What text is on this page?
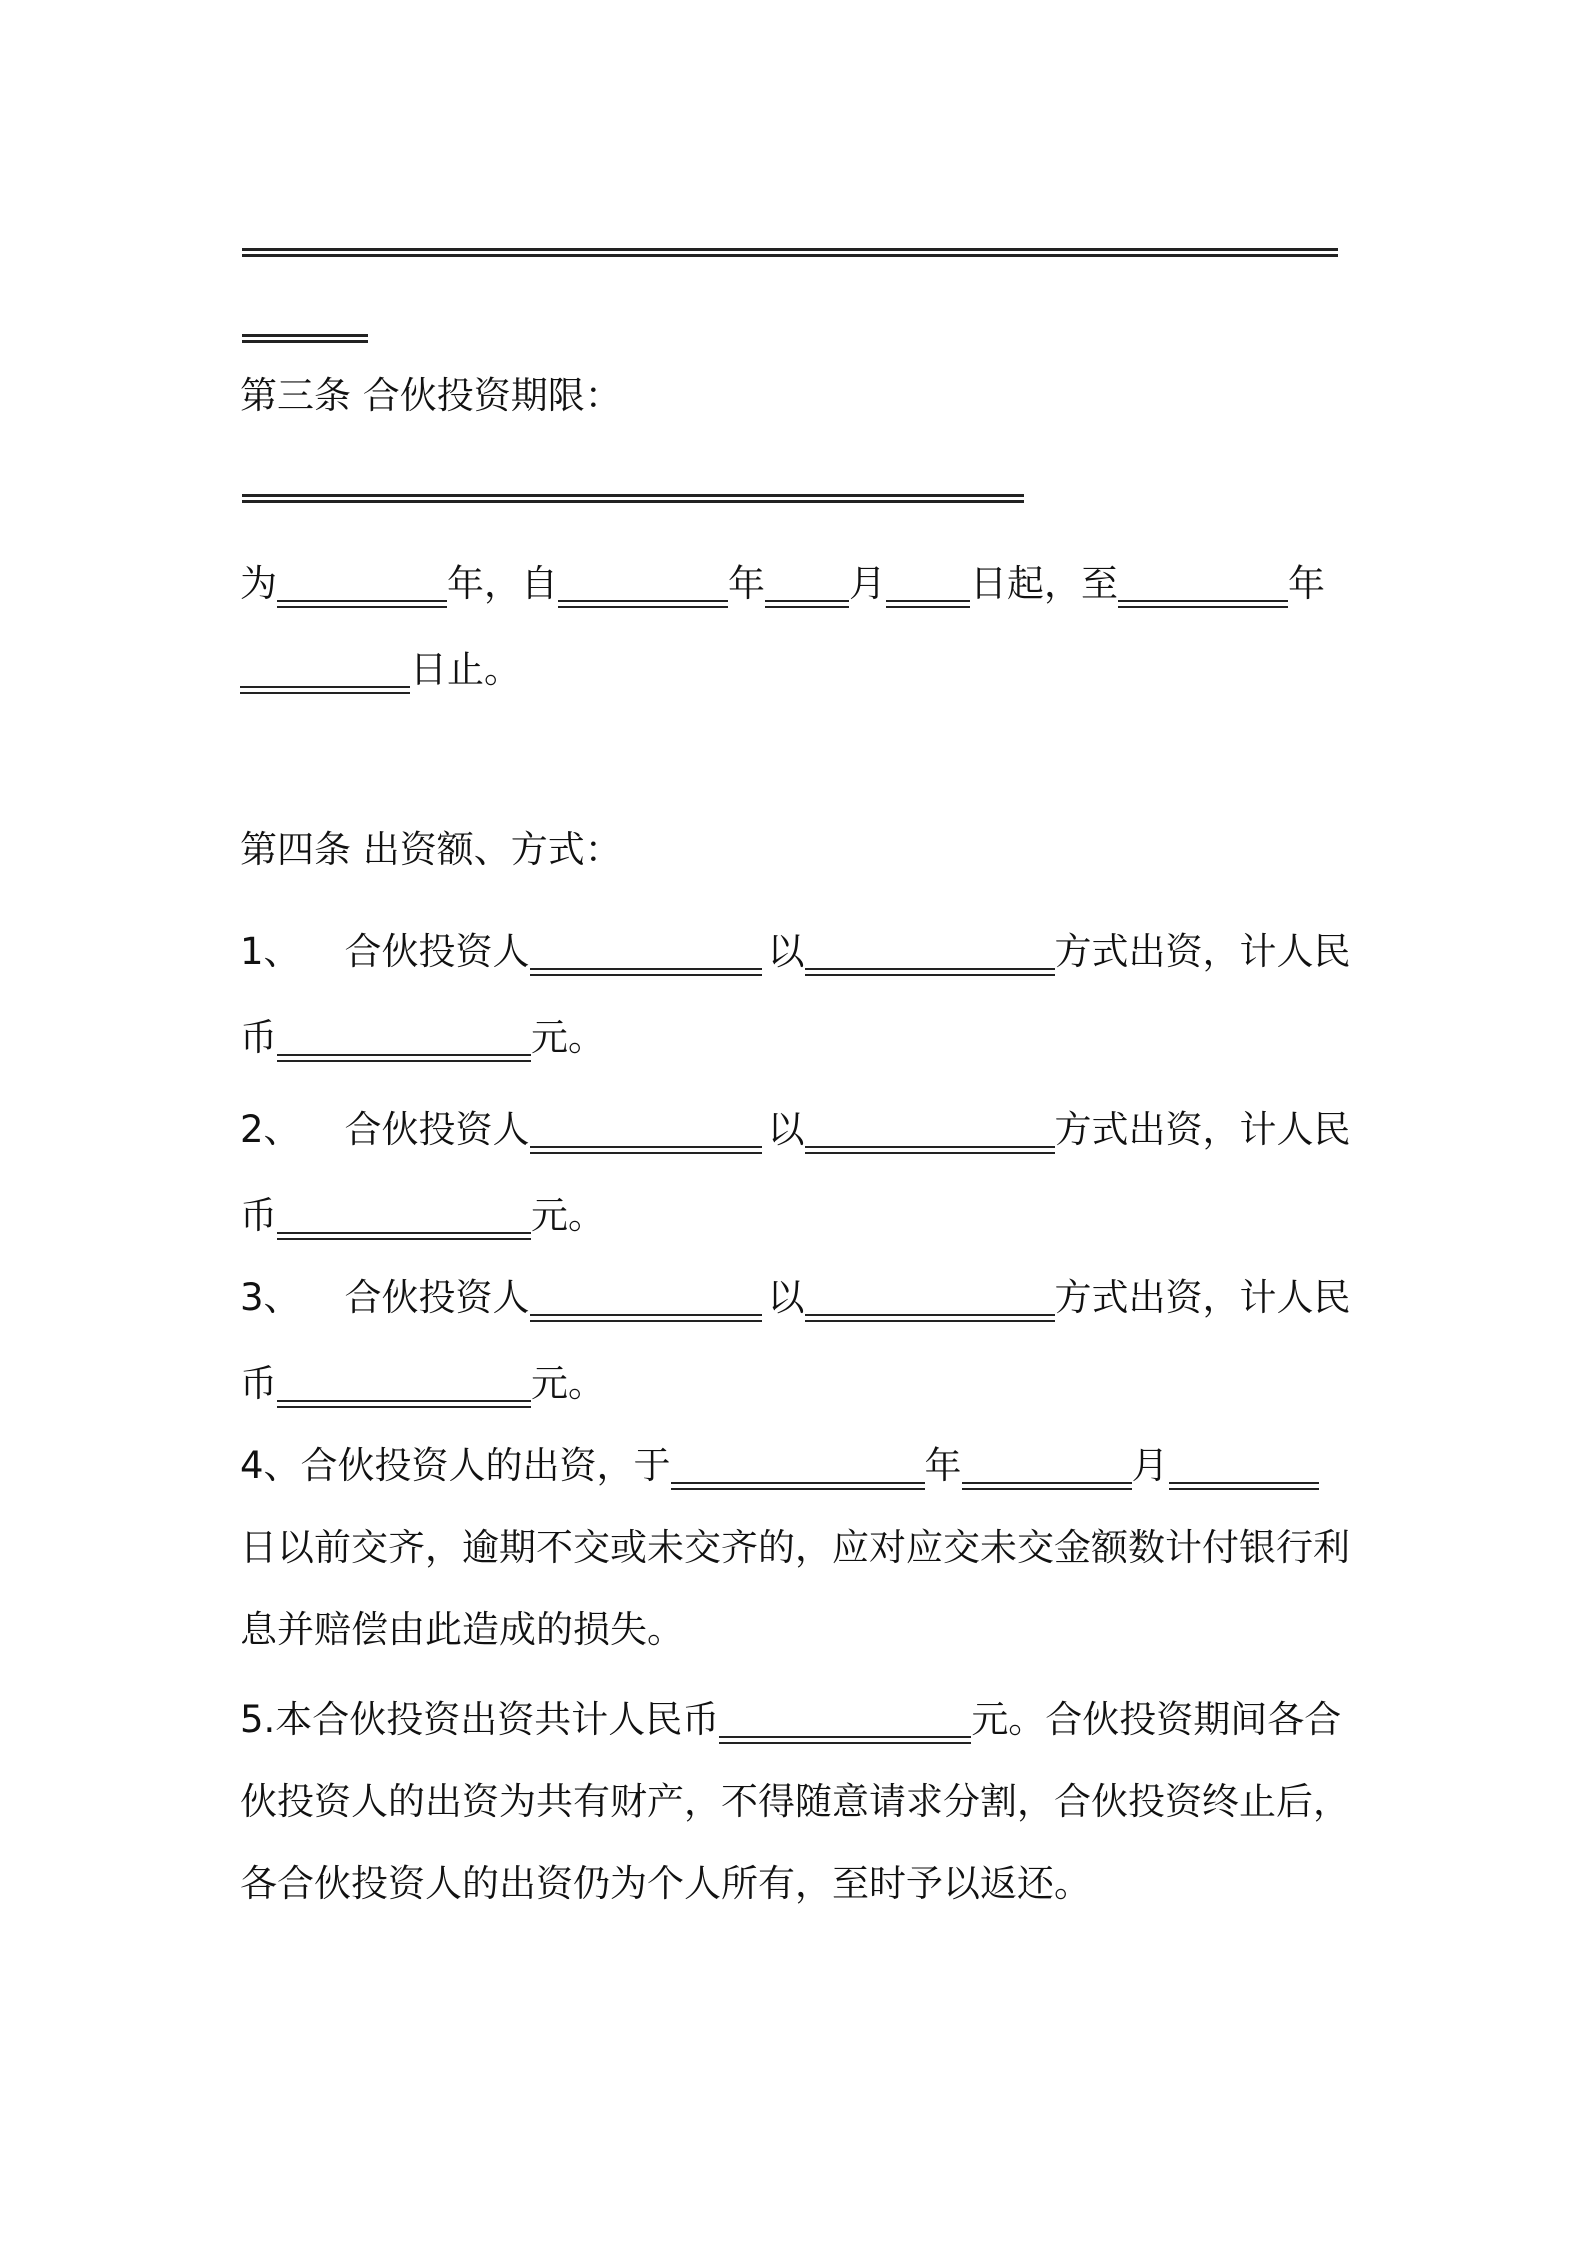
第三条 合伙投资期限：
为	年，自	年 月 日起，至	年
日止。
第四条 出资额、方式：
1、 合伙投资人	以	方式出资，计人民
币	元。
2、 合伙投资人	以	方式出资，计人民
币	元。
3、 合伙投资人	以	方式出资，计人民
币	元。
4、合伙投资人的出资，于	年	月
日以前交齐，逾期不交或未交齐的，应对应交未交金额数计付银行利
息并赔偿由此造成的损失。
5.本合伙投资出资共计人民币	元。合伙投资期间各合
伙投资人的出资为共有财产，不得随意请求分割，合伙投资终止后，
各合伙投资人的出资仍为个人所有，至时予以返还。
